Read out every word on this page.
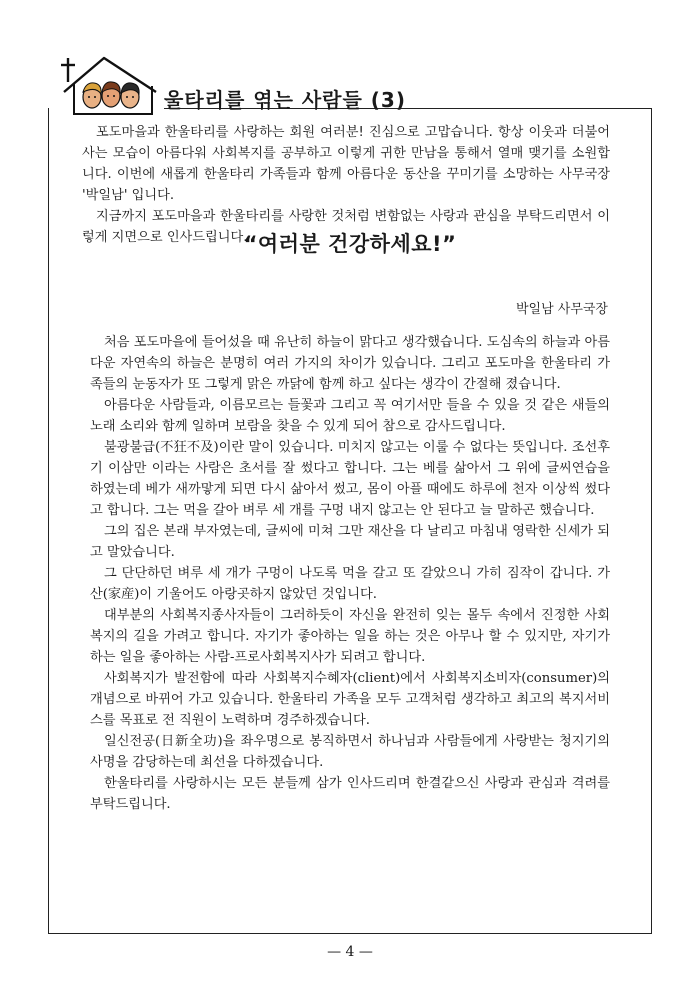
울타리를 엮는 사람들 (3)

포도마을과 한울타리를 사랑하는 회원 여러분! 진심으로 고맙습니다. 항상 이웃과 더불어 사는 모습이 아름다워 사회복지를 공부하고 이렇게 귀한 만남을 통해서 열매 맺기를 소원합니다. 이번에 새롭게 한울타리 가족들과 함께 아름다운 동산을 꾸미기를 소망하는 사무국장 '박일남' 입니다.

지금까지 포도마을과 한울타리를 사랑한 것처럼 변함없는 사랑과 관심을 부탁드리면서 이렇게 지면으로 인사드립니다.

“여러분 건강하세요!”
박일남 사무국장

처음 포도마을에 들어섰을 때 유난히 하늘이 맑다고 생각했습니다. 도심속의 하늘과 아름다운 자연속의 하늘은 분명히 여러 가지의 차이가 있습니다. 그리고 포도마을 한울타리 가족들의 눈동자가 또 그렇게 맑은 까닭에 함께 하고 싶다는 생각이 간절해 졌습니다.

아름다운 사람들과, 이름모르는 들꽃과 그리고 꼭 여기서만 들을 수 있을 것 같은 새들의 노래 소리와 함께 일하며 보람을 찾을 수 있게 되어 참으로 감사드립니다.

불광불급(不狂不及)이란 말이 있습니다. 미치지 않고는 이룰 수 없다는 뜻입니다. 조선후기 이삼만 이라는 사람은 초서를 잘 썼다고 합니다. 그는 베를 삶아서 그 위에 글씨연습을 하였는데 베가 새까맣게 되면 다시 삶아서 썼고, 몸이 아플 때에도 하루에 천자 이상씩 썼다고 합니다. 그는 먹을 갈아 벼루 세 개를 구멍 내지 않고는 안 된다고 늘 말하곤 했습니다.

그의 집은 본래 부자였는데, 글씨에 미쳐 그만 재산을 다 날리고 마침내 영락한 신세가 되고 말았습니다.

그 단단하던 벼루 세 개가 구멍이 나도록 먹을 갈고 또 갈았으니 가히 짐작이 갑니다. 가산(家産)이 기울어도 아랑곳하지 않았던 것입니다.

대부분의 사회복지종사자들이 그러하듯이 자신을 완전히 잊는 몰두 속에서 진정한 사회복지의 길을 가려고 합니다. 자기가 좋아하는 일을 하는 것은 아무나 할 수 있지만, 자기가 하는 일을 좋아하는 사람-프로사회복지사가 되려고 합니다.

사회복지가 발전함에 따라 사회복지수혜자(client)에서 사회복지소비자(consumer)의 개념으로 바뀌어 가고 있습니다. 한울타리 가족을 모두 고객처럼 생각하고 최고의 복지서비스를 목표로 전 직원이 노력하며 경주하겠습니다.

일신전공(日新全功)을 좌우명으로 봉직하면서 하나님과 사람들에게 사랑받는 청지기의 사명을 감당하는데 최선을 다하겠습니다.

한울타리를 사랑하시는 모든 분들께 삼가 인사드리며 한결같으신 사랑과 관심과 격려를 부탁드립니다.

— 4 —
